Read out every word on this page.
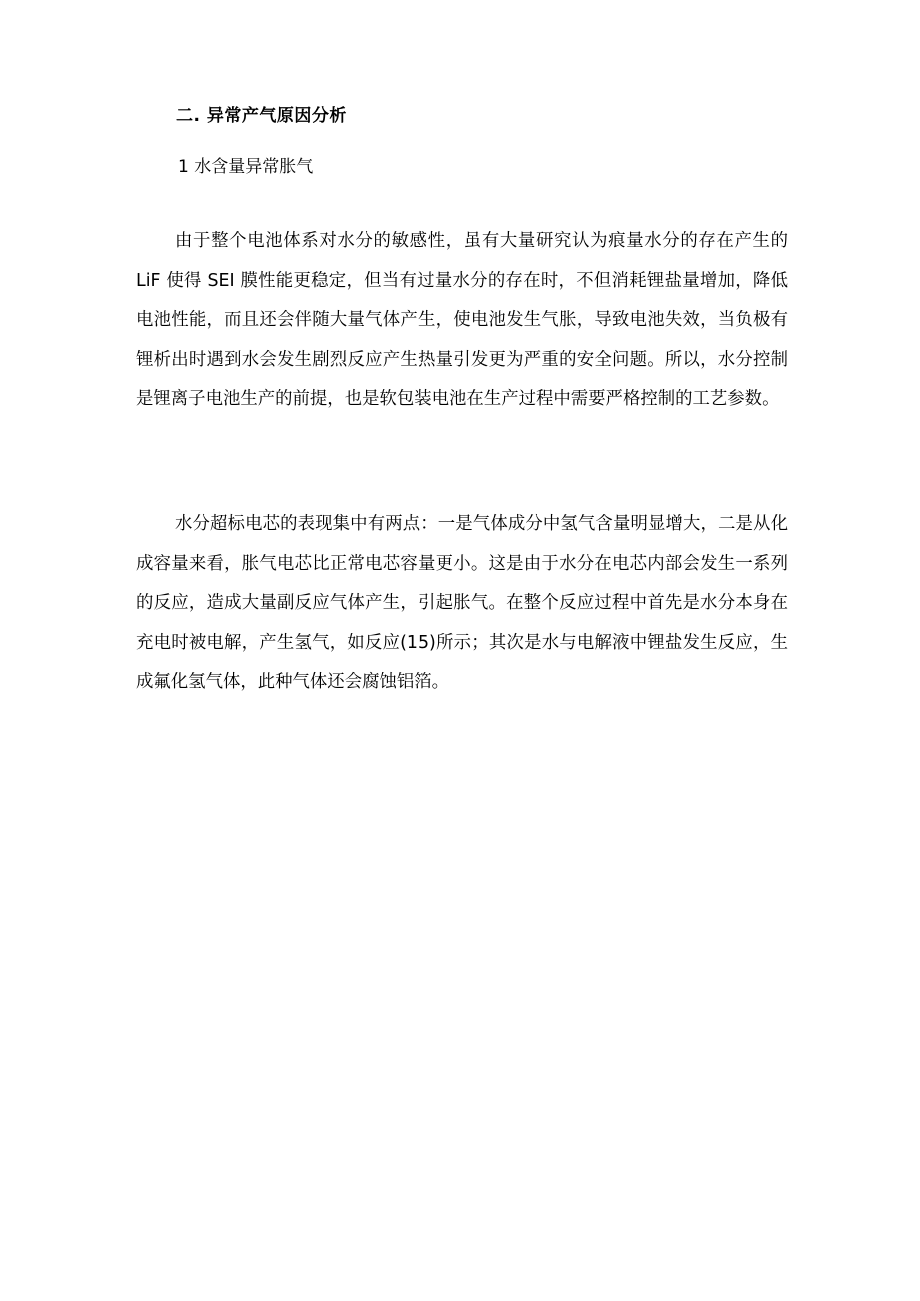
二. 异常产气原因分析
1 水含量异常胀气

由于整个电池体系对水分的敏感性，虽有大量研究认为痕量水分的存在产生的 LiF 使得 SEI 膜性能更稳定，但当有过量水分的存在时，不但消耗锂盐量增加，降低电池性能，而且还会伴随大量气体产生，使电池发生气胀，导致电池失效，当负极有锂析出时遇到水会发生剧烈反应产生热量引发更为严重的安全问题。所以，水分控制是锂离子电池生产的前提，也是软包装电池在生产过程中需要严格控制的工艺参数。

水分超标电芯的表现集中有两点：一是气体成分中氢气含量明显增大，二是从化成容量来看，胀气电芯比正常电芯容量更小。这是由于水分在电芯内部会发生一系列的反应，造成大量副反应气体产生，引起胀气。在整个反应过程中首先是水分本身在充电时被电解，产生氢气，如反应(15)所示；其次是水与电解液中锂盐发生反应，生成氟化氢气体，此种气体还会腐蚀铝箔。
